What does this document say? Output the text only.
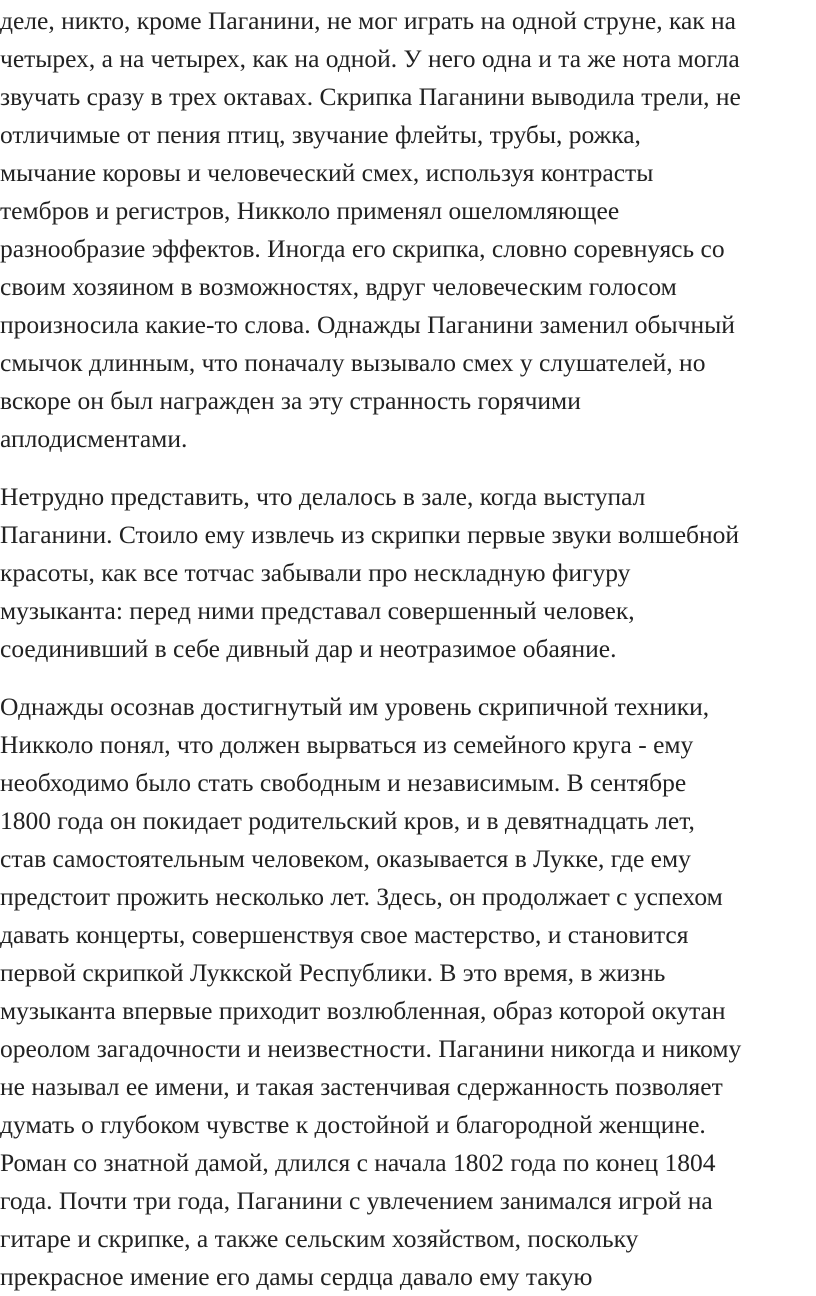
деле, никто, кроме Паганини, не мог играть на одной струне, как на

четырех, а на четырех, как на одной. У него одна и та же нота могла

звучать сразу в трех октавах. Скрипка Паганини выводила трели, не

отличимые от пения птиц, звучание флейты, трубы, рожка,

мычание коровы и человеческий смех, используя контрасты

тембров и регистров, Никколо применял ошеломляющее

разнообразие эффектов. Иногда его скрипка, словно соревнуясь со

своим хозяином в возможностях, вдруг человеческим голосом

произносила какие-то слова. Однажды Паганини заменил обычный

смычок длинным, что поначалу вызывало смех у слушателей, но

вскоре он был награжден за эту странность горячими

аплодисментами.

Нетрудно представить, что делалось в зале, когда выступал

Паганини. Стоило ему извлечь из скрипки первые звуки волшебной

красоты, как все тотчас забывали про нескладную фигуру

музыканта: перед ними представал совершенный человек,

соединивший в себе дивный дар и неотразимое обаяние.

Однажды осознав достигнутый им уровень скрипичной техники,

Никколо понял, что должен вырваться из семейного круга - ему

необходимо было стать свободным и независимым. В сентябре

1800 года он покидает родительский кров, и в девятнадцать лет,

став самостоятельным человеком, оказывается в Лукке, где ему

предстоит прожить несколько лет. Здесь, он продолжает с успехом

давать концерты, совершенствуя свое мастерство, и становится

первой скрипкой Луккской Республики. В это время, в жизнь

музыканта впервые приходит возлюбленная, образ которой окутан

ореолом загадочности и неизвестности. Паганини никогда и никому

не называл ее имени, и такая застенчивая сдержанность позволяет

думать о глубоком чувстве к достойной и благородной женщине.

Роман со знатной дамой, длился с начала 1802 года по конец 1804

года. Почти три года, Паганини с увлечением занимался игрой на

гитаре и скрипке, а также сельским хозяйством, поскольку

прекрасное имение его дамы сердца давало ему такую
